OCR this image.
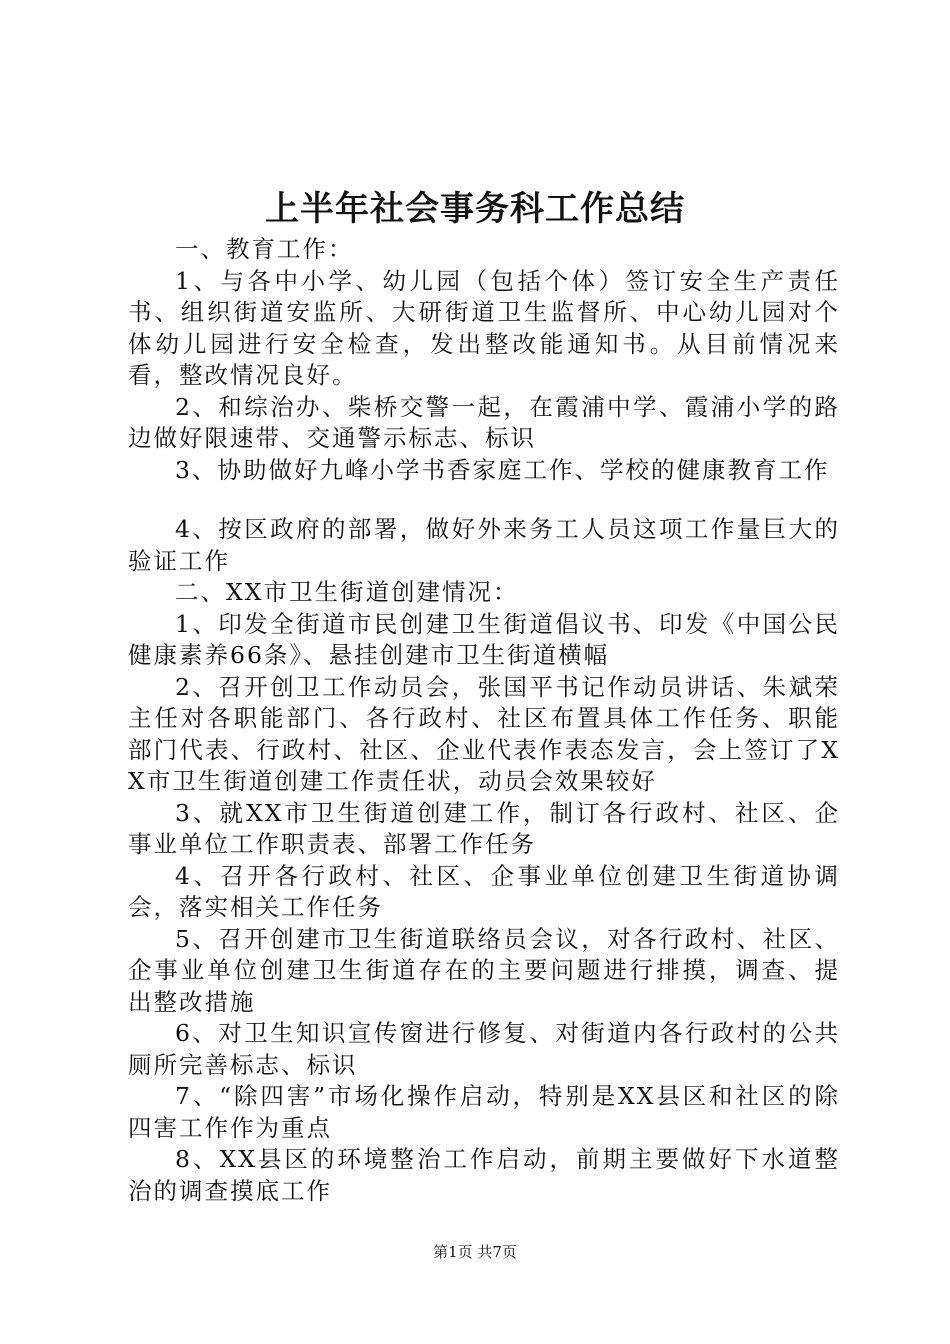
上半年社会事务科工作总结

一、教育工作：

1、与各中小学、幼儿园（包括个体）签订安全生产责任书、组织街道安监所、大研街道卫生监督所、中心幼儿园对个体幼儿园进行安全检查，发出整改能通知书。从目前情况来看，整改情况良好。

2、和综治办、柴桥交警一起，在霞浦中学、霞浦小学的路边做好限速带、交通警示标志、标识

3、协助做好九峰小学书香家庭工作、学校的健康教育工作

4、按区政府的部署，做好外来务工人员这项工作量巨大的验证工作

二、XX市卫生街道创建情况：

1、印发全街道市民创建卫生街道倡议书、印发《中国公民健康素养66条》、悬挂创建市卫生街道横幅

2、召开创卫工作动员会，张国平书记作动员讲话、朱斌荣主任对各职能部门、各行政村、社区布置具体工作任务、职能部门代表、行政村、社区、企业代表作表态发言，会上签订了XX市卫生街道创建工作责任状，动员会效果较好

3、就XX市卫生街道创建工作，制订各行政村、社区、企事业单位工作职责表、部署工作任务

4、召开各行政村、社区、企事业单位创建卫生街道协调会，落实相关工作任务

5、召开创建市卫生街道联络员会议，对各行政村、社区、企事业单位创建卫生街道存在的主要问题进行排摸，调查、提出整改措施

6、对卫生知识宣传窗进行修复、对街道内各行政村的公共厕所完善标志、标识

7、“除四害”市场化操作启动，特别是XX县区和社区的除四害工作作为重点

8、XX县区的环境整治工作启动，前期主要做好下水道整治的调查摸底工作

第1页 共7页
